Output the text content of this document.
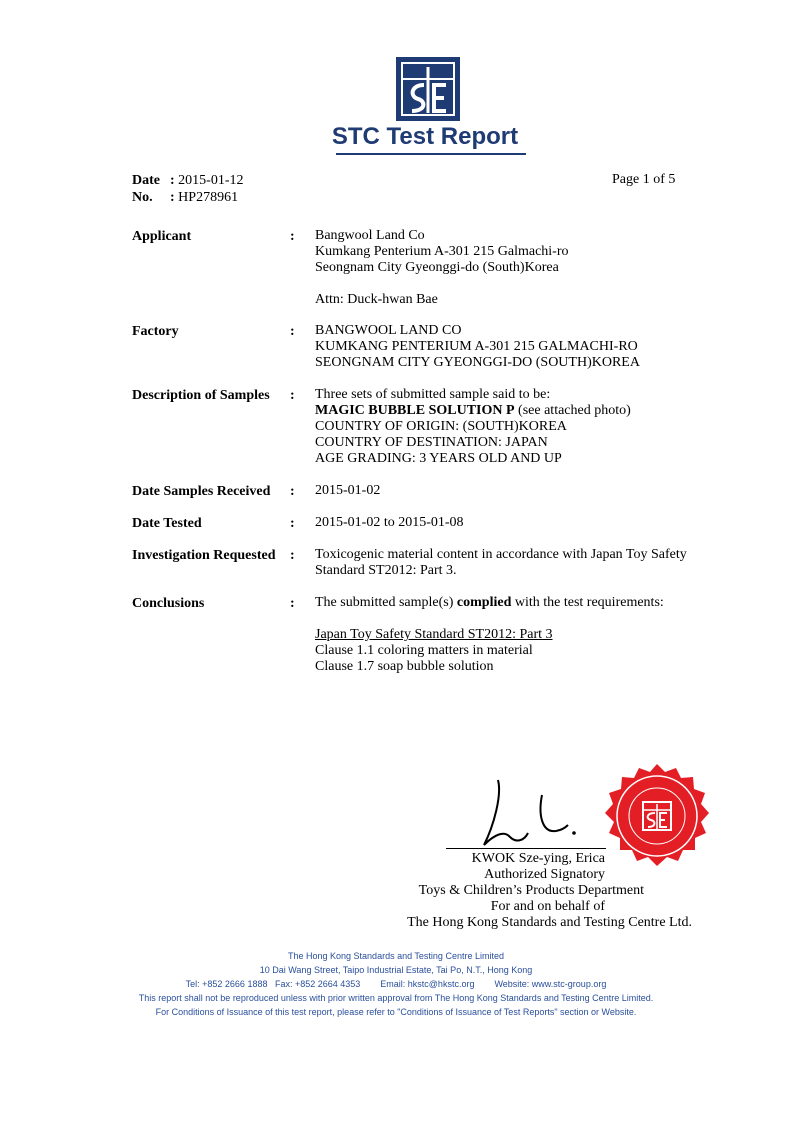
STC Test Report
Date : 2015-01-12
No. : HP278961
Page 1 of 5
Applicant	: Bangwool Land Co
Kumkang Penterium A-301 215 Galmachi-ro
Seongnam City Gyeonggi-do (South)Korea
Attn: Duck-hwan Bae
Factory	: BANGWOOL LAND CO
KUMKANG PENTERIUM A-301 215 GALMACHI-RO
SEONGNAM CITY GYEONGGI-DO (SOUTH)KOREA
Description of Samples : Three sets of submitted sample said to be:
MAGIC BUBBLE SOLUTION P (see attached photo)
COUNTRY OF ORIGIN: (SOUTH)KOREA
COUNTRY OF DESTINATION: JAPAN
AGE GRADING: 3 YEARS OLD AND UP
Date Samples Received : 2015-01-02
Date Tested	: 2015-01-02 to 2015-01-08
Investigation Requested : Toxicogenic material content in accordance with Japan Toy Safety
Standard ST2012: Part 3.
Conclusions	: The submitted sample(s) complied with the test requirements:
Japan Toy Safety Standard ST2012: Part 3
Clause 1.1 coloring matters in material
Clause 1.7 soap bubble solution
KWOK Sze-ying, Erica
Authorized Signatory
Toys & Children’s Products Department
For and on behalf of
The Hong Kong Standards and Testing Centre Ltd.
The Hong Kong Standards and Testing Centre Limited
10 Dai Wang Street, Taipo Industrial Estate, Tai Po, N.T., Hong Kong
Tel: +852 2666 1888   Fax: +852 2664 4353        Email: hkstc@hkstc.org        Website: www.stc-group.org
This report shall not be reproduced unless with prior written approval from The Hong Kong Standards and Testing Centre Limited.
For Conditions of Issuance of this test report, please refer to "Conditions of Issuance of Test Reports" section or Website.
